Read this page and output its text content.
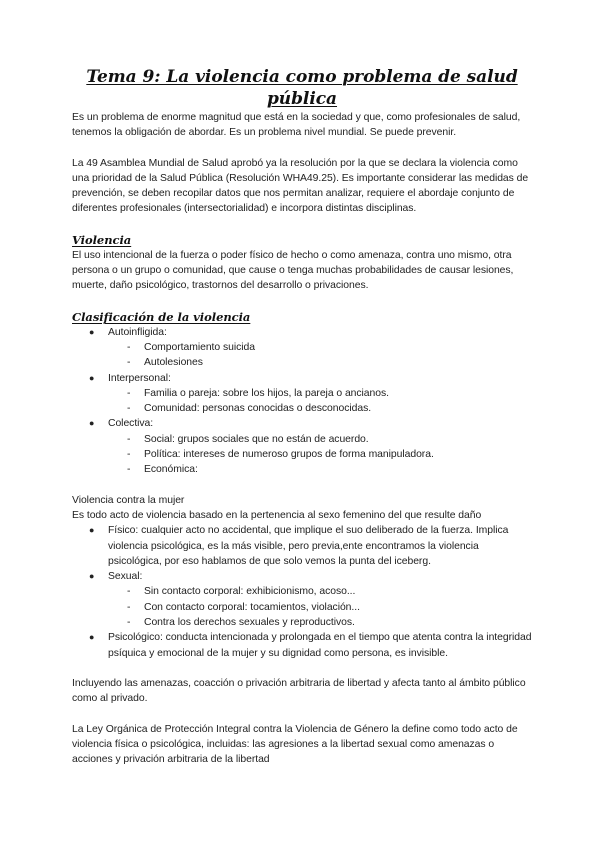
Tema 9: La violencia como problema de salud pública

Es un problema de enorme magnitud que está en la sociedad y que, como profesionales de salud, tenemos la obligación de abordar. Es un problema nivel mundial. Se puede prevenir.

La 49 Asamblea Mundial de Salud aprobó ya la resolución por la que se declara la violencia como una prioridad de la Salud Pública (Resolución WHA49.25). Es importante considerar las medidas de prevención, se deben recopilar datos que nos permitan analizar, requiere el abordaje conjunto de diferentes profesionales (intersectorialidad) e incorpora distintas disciplinas.

Violencia

El uso intencional de la fuerza o poder físico de hecho o como amenaza, contra uno mismo, otra persona o un grupo o comunidad, que cause o tenga muchas probabilidades de causar lesiones, muerte, daño psicológico, trastornos del desarrollo o privaciones.

Clasificación de la violencia
● Autoinfligida:
- Comportamiento suicida
- Autolesiones
● Interpersonal:
- Familia o pareja: sobre los hijos, la pareja o ancianos.
- Comunidad: personas conocidas o desconocidas.
● Colectiva:
- Social: grupos sociales que no están de acuerdo.
- Política: intereses de numeroso grupos de forma manipuladora.
- Económica:

Violencia contra la mujer

Es todo acto de violencia basado en la pertenencia al sexo femenino del que resulte daño

● Físico: cualquier acto no accidental, que implique el suo deliberado de la fuerza. Implica violencia psicológica, es la más visible, pero previa,ente encontramos la violencia psicológica, por eso hablamos de que solo vemos la punta del iceberg.
● Sexual:
- Sin contacto corporal: exhibicionismo, acoso...
- Con contacto corporal: tocamientos, violación...
- Contra los derechos sexuales y reproductivos.
● Psicológico: conducta intencionada y prolongada en el tiempo que atenta contra la integridad psíquica y emocional de la mujer y su dignidad como persona, es invisible.

Incluyendo las amenazas, coacción o privación arbitraria de libertad y afecta tanto al ámbito público como al privado.

La Ley Orgánica de Protección Integral contra la Violencia de Género la define como todo acto de violencia física o psicológica, incluidas: las agresiones a la libertad sexual como amenazas o acciones y privación arbitraria de la libertad
